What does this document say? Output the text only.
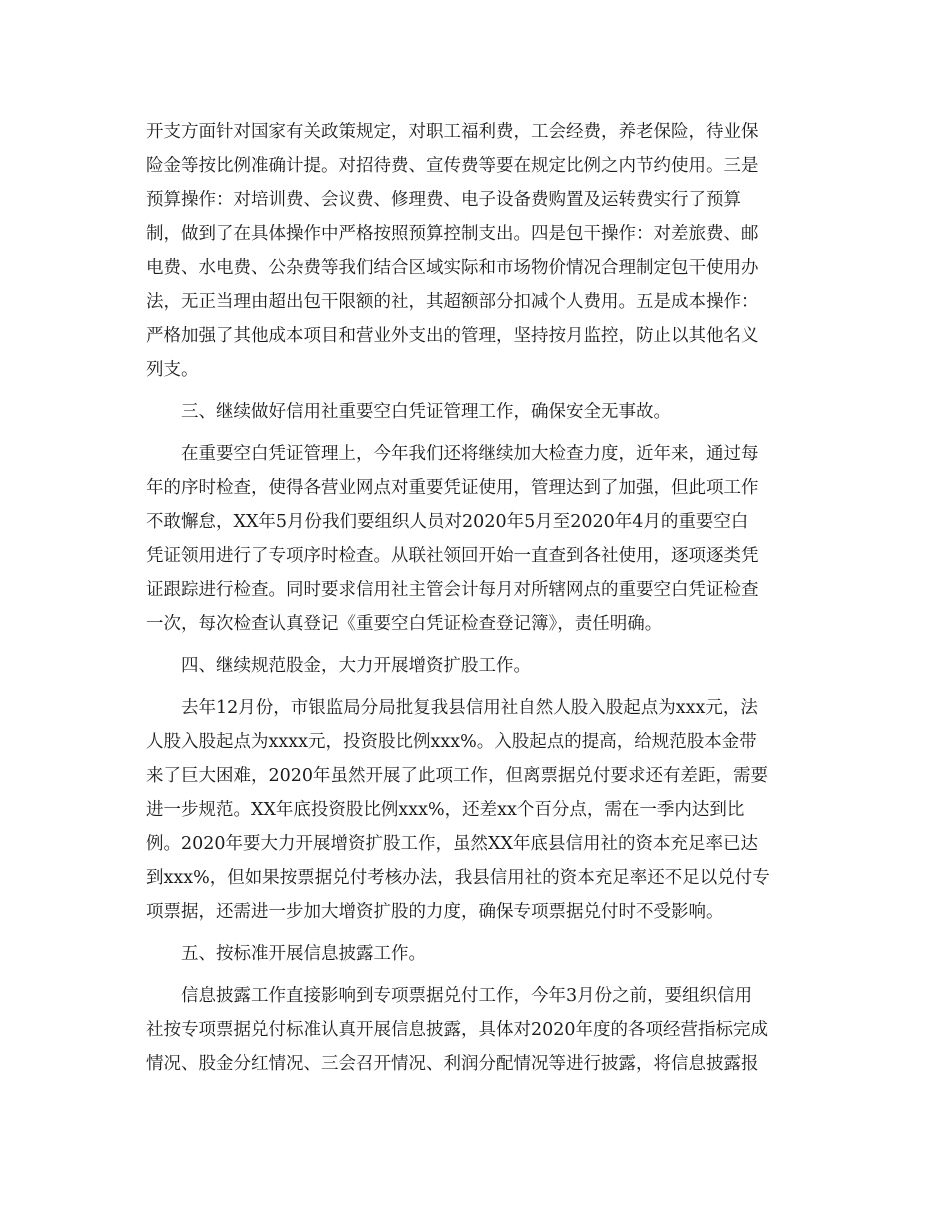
开支方面针对国家有关政策规定，对职工福利费，工会经费，养老保险，待业保
险金等按比例准确计提。对招待费、宣传费等要在规定比例之内节约使用。三是
预算操作：对培训费、会议费、修理费、电子设备费购置及运转费实行了预算
制，做到了在具体操作中严格按照预算控制支出。四是包干操作：对差旅费、邮
电费、水电费、公杂费等我们结合区域实际和市场物价情况合理制定包干使用办
法，无正当理由超出包干限额的社，其超额部分扣减个人费用。五是成本操作：
严格加强了其他成本项目和营业外支出的管理，坚持按月监控，防止以其他名义
列支。
三、继续做好信用社重要空白凭证管理工作，确保安全无事故。
在重要空白凭证管理上，今年我们还将继续加大检查力度，近年来，通过每
年的序时检查，使得各营业网点对重要凭证使用，管理达到了加强，但此项工作
不敢懈怠，XX年5月份我们要组织人员对2020年5月至2020年4月的重要空白
凭证领用进行了专项序时检查。从联社领回开始一直查到各社使用，逐项逐类凭
证跟踪进行检查。同时要求信用社主管会计每月对所辖网点的重要空白凭证检查
一次，每次检查认真登记《重要空白凭证检查登记簿》，责任明确。
四、继续规范股金，大力开展增资扩股工作。
去年12月份，市银监局分局批复我县信用社自然人股入股起点为xxx元，法
人股入股起点为xxxx元，投资股比例xxx%。入股起点的提高，给规范股本金带
来了巨大困难，2020年虽然开展了此项工作，但离票据兑付要求还有差距，需要
进一步规范。XX年底投资股比例xxx%，还差xx个百分点，需在一季内达到比
例。2020年要大力开展增资扩股工作，虽然XX年底县信用社的资本充足率已达
到xxx%，但如果按票据兑付考核办法，我县信用社的资本充足率还不足以兑付专
项票据，还需进一步加大增资扩股的力度，确保专项票据兑付时不受影响。
五、按标准开展信息披露工作。
信息披露工作直接影响到专项票据兑付工作，今年3月份之前，要组织信用
社按专项票据兑付标准认真开展信息披露，具体对2020年度的各项经营指标完成
情况、股金分红情况、三会召开情况、利润分配情况等进行披露，将信息披露报
